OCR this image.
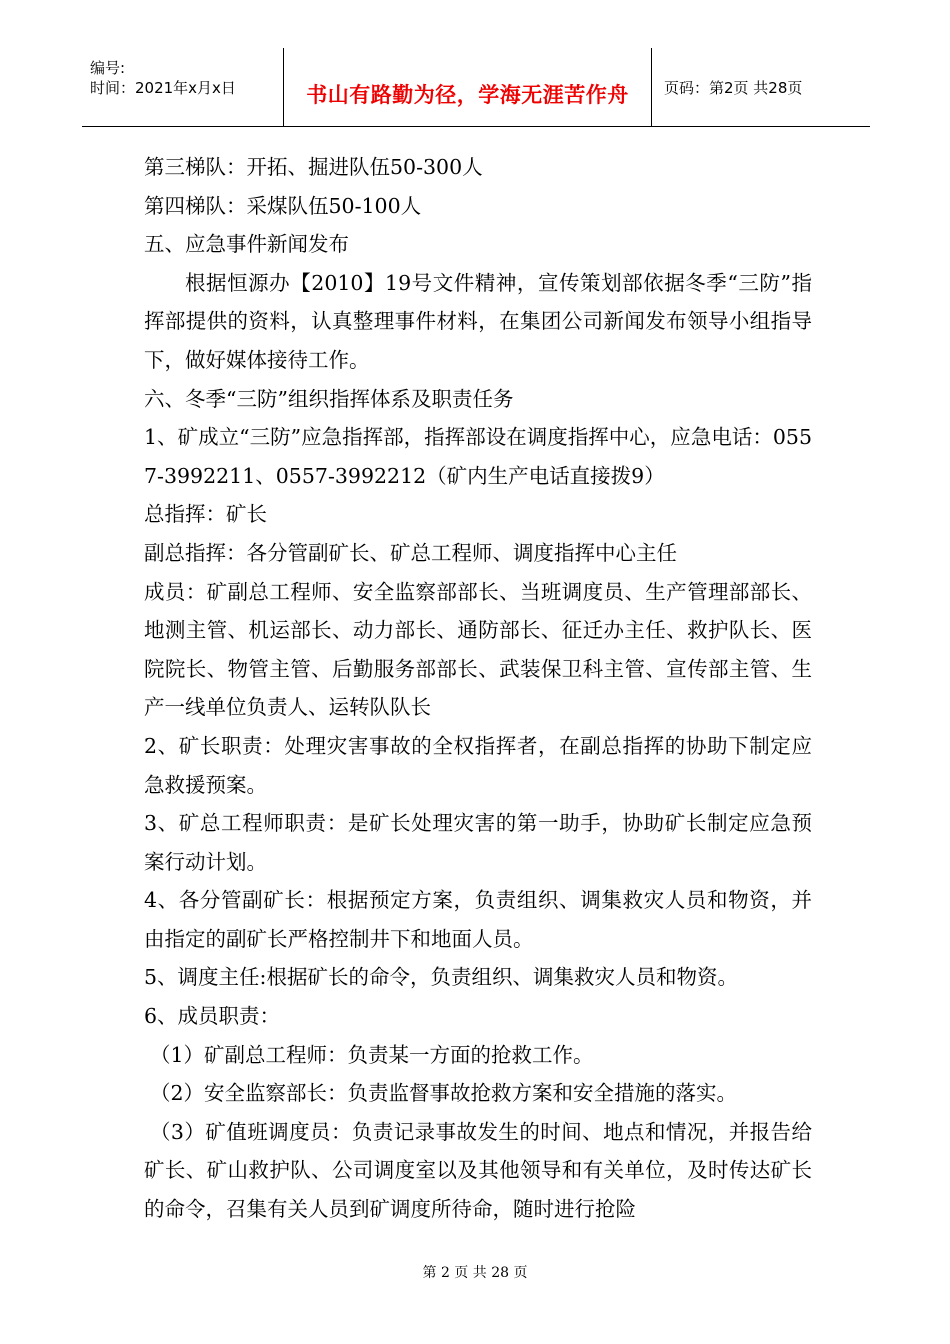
编号:
时间：2021年x月x日	书山有路勤为径，学海无涯苦作舟	页码：第2页 共28页

第三梯队：开拓、掘进队伍50-300人

第四梯队：采煤队伍50-100人

五、应急事件新闻发布

根据恒源办【2010】19号文件精神，宣传策划部依据冬季“三防”指挥部提供的资料，认真整理事件材料，在集团公司新闻发布领导小组指导下，做好媒体接待工作。

六、冬季“三防”组织指挥体系及职责任务

1、矿成立“三防”应急指挥部，指挥部设在调度指挥中心，应急电话：0557-3992211、0557-3992212（矿内生产电话直接拨9）

总指挥：矿长

副总指挥：各分管副矿长、矿总工程师、调度指挥中心主任

成员：矿副总工程师、安全监察部部长、当班调度员、生产管理部部长、地测主管、机运部长、动力部长、通防部长、征迁办主任、救护队长、医院院长、物管主管、后勤服务部部长、武装保卫科主管、宣传部主管、生产一线单位负责人、运转队队长

2、矿长职责：处理灾害事故的全权指挥者，在副总指挥的协助下制定应急救援预案。

3、矿总工程师职责：是矿长处理灾害的第一助手，协助矿长制定应急预案行动计划。

4、各分管副矿长：根据预定方案，负责组织、调集救灾人员和物资，并由指定的副矿长严格控制井下和地面人员。

5、调度主任:根据矿长的命令，负责组织、调集救灾人员和物资。

6、成员职责：

（1）矿副总工程师：负责某一方面的抢救工作。

（2）安全监察部长：负责监督事故抢救方案和安全措施的落实。

（3）矿值班调度员：负责记录事故发生的时间、地点和情况，并报告给矿长、矿山救护队、公司调度室以及其他领导和有关单位，及时传达矿长的命令，召集有关人员到矿调度所待命，随时进行抢险

第 2 页 共 28 页
